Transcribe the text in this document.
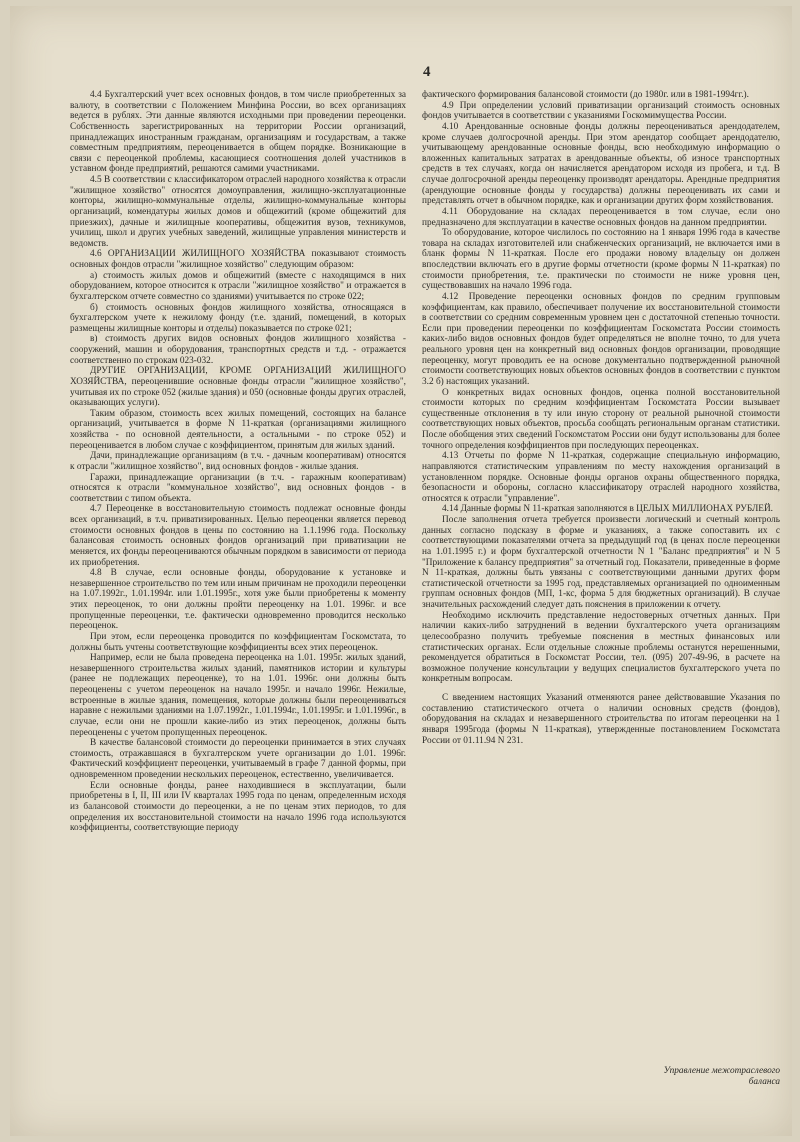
4

4.4 Бухгалтерский учет всех основных фондов, в том числе приобретенных за валюту, в соответствии с Положением Минфина России, во всех организациях ведется в рублях. Эти данные являются исходными при проведении переоценки. Собственность зарегистрированных на территории России организаций, принадлежащих иностранным гражданам, организациям и государствам, а также совместным предприятиям, переоценивается в общем порядке. Возникающие в связи с переоценкой проблемы, касающиеся соотношения долей участников в уставном фонде предприятий, решаются самими участниками.

4.5 В соответствии с классификатором отраслей народного хозяйства к отрасли "жилищное хозяйство" относятся домоуправления, жилищно-эксплуатационные конторы, жилищно-коммунальные отделы, жилищно-коммунальные конторы организаций, комендатуры жилых домов и общежитий (кроме общежитий для приезжих), дачные и жилищные кооперативы, общежития вузов, техникумов, училищ, школ и других учебных заведений, жилищные управления министерств и ведомств.

4.6 ОРГАНИЗАЦИИ ЖИЛИЩНОГО ХОЗЯЙСТВА показывают стоимость основных фондов отрасли "жилищное хозяйство" следующим образом:

а) стоимость жилых домов и общежитий (вместе с находящимся в них оборудованием, которое относится к отрасли "жилищное хозяйство" и отражается в бухгалтерском отчете совместно со зданиями) учитывается по строке 022;

б) стоимость основных фондов жилищного хозяйства, относящаяся в бухгалтерском учете к нежилому фонду (т.е. зданий, помещений, в которых размещены жилищные конторы и отделы) показывается по строке 021;

в) стоимость других видов основных фондов жилищного хозяйства - сооружений, машин и оборудования, транспортных средств и т.д. - отражается соответственно по строкам 023-032.

ДРУГИЕ ОРГАНИЗАЦИИ, КРОМЕ ОРГАНИЗАЦИЙ ЖИЛИЩНОГО ХОЗЯЙСТВА, переоценившие основные фонды отрасли "жилищное хозяйство", учитывая их по строке 052 (жилые здания) и 050 (основные фонды других отраслей, оказывающих услуги).

Таким образом, стоимость всех жилых помещений, состоящих на балансе организаций, учитывается в форме N 11-краткая (организациями жилищного хозяйства - по основной деятельности, а остальными - по строке 052) и переоценивается в любом случае с коэффициентом, принятым для жилых зданий.

Дачи, принадлежащие организациям (в т.ч. - дачным кооперативам) относятся к отрасли "жилищное хозяйство", вид основных фондов - жилые здания.

Гаражи, принадлежащие организации (в т.ч. - гаражным кооперативам) относятся к отрасли "коммунальное хозяйство", вид основных фондов - в соответствии с типом объекта.

4.7 Переоценке в восстановительную стоимость подлежат основные фонды всех организаций, в т.ч. приватизированных. Целью переоценки является перевод стоимости основных фондов в цены по состоянию на 1.1.1996 года. Поскольку балансовая стоимость основных фондов организаций при приватизации не меняется, их фонды переоцениваются обычным порядком в зависимости от периода их приобретения.

4.8 В случае, если основные фонды, оборудование к установке и незавершенное строительство по тем или иным причинам не проходили переоценки на 1.07.1992г., 1.01.1994г. или 1.01.1995г., хотя уже были приобретены к моменту этих переоценок, то они должны пройти переоценку на 1.01. 1996г. и все пропущенные переоценки, т.е. фактически одновременно проводится несколько переоценок.

При этом, если переоценка проводится по коэффициентам Госкомстата, то должны быть учтены соответствующие коэффициенты всех этих переоценок.

Например, если не была проведена переоценка на 1.01. 1995г. жилых зданий, незавершенного строительства жилых зданий, памятников истории и культуры (ранее не подлежащих переоценке), то на 1.01. 1996г. они должны быть переоценены с учетом переоценок на начало 1995г. и начало 1996г. Нежилые, встроенные в жилые здания, помещения, которые должны были переоцениваться наравне с нежилыми зданиями на 1.07.1992г., 1.01.1994г., 1.01.1995г. и 1.01.1996г., в случае, если они не прошли какие-либо из этих переоценок, должны быть переоценены с учетом пропущенных переоценок.

В качестве балансовой стоимости до переоценки принимается в этих случаях стоимость, отражавшаяся в бухгалтерском учете организации до 1.01. 1996г. Фактический коэффициент переоценки, учитываемый в графе 7 данной формы, при одновременном проведении нескольких переоценок, естественно, увеличивается.

Если основные фонды, ранее находившиеся в эксплуатации, были приобретены в I, II, III или IV кварталах 1995 года по ценам, определенным исходя из балансовой стоимости до переоценки, а не по ценам этих периодов, то для определения их восстановительной стоимости на начало 1996 года используются коэффициенты, соответствующие периоду

фактического формирования балансовой стоимости (до 1980г. или в 1981-1994гг.).

4.9 При определении условий приватизации организаций стоимость основных фондов учитывается в соответствии с указаниями Госкомимущества России.

4.10 Арендованные основные фонды должны переоцениваться арендодателем, кроме случаев долгосрочной аренды. При этом арендатор сообщает арендодателю, учитывающему арендованные основные фонды, всю необходимую информацию о вложенных капитальных затратах в арендованные объекты, об износе транспортных средств в тех случаях, когда он начисляется арендатором исходя из пробега, и т.д. В случае долгосрочной аренды переоценку производят арендаторы. Арендные предприятия (арендующие основные фонды у государства) должны переоценивать их сами и представлять отчет в обычном порядке, как и организации других форм хозяйствования.

4.11 Оборудование на складах переоценивается в том случае, если оно предназначено для эксплуатации в качестве основных фондов на данном предприятии.

То оборудование, которое числилось по состоянию на 1 января 1996 года в качестве товара на складах изготовителей или снабженческих организаций, не включается ими в бланк формы N 11-краткая. После его продажи новому владельцу он должен впоследствии включать его в другие формы отчетности (кроме формы N 11-краткая) по стоимости приобретения, т.е. практически по стоимости не ниже уровня цен, существовавших на начало 1996 года.

4.12 Проведение переоценки основных фондов по средним групповым коэффициентам, как правило, обеспечивает получение их восстановительной стоимости в соответствии со средним современным уровнем цен с достаточной степенью точности. Если при проведении переоценки по коэффициентам Госкомстата России стоимость каких-либо видов основных фондов будет определяться не вполне точно, то для учета реального уровня цен на конкретный вид основных фондов организации, проводящие переоценку, могут проводить ее на основе документально подтвержденной рыночной стоимости соответствующих новых объектов основных фондов в соответствии с пунктом 3.2 б) настоящих указаний.

О конкретных видах основных фондов, оценка полной восстановительной стоимости которых по средним коэффициентам Госкомстата России вызывает существенные отклонения в ту или иную сторону от реальной рыночной стоимости соответствующих новых объектов, просьба сообщать региональным органам статистики. После обобщения этих сведений Госкомстатом России они будут использованы для более точного определения коэффициентов при последующих переоценках.

4.13 Отчеты по форме N 11-краткая, содержащие специальную информацию, направляются статистическим управлениям по месту нахождения организаций в установленном порядке. Основные фонды органов охраны общественного порядка, безопасности и обороны, согласно классификатору отраслей народного хозяйства, относятся к отрасли "управление".

4.14 Данные формы N 11-краткая заполняются в ЦЕЛЫХ МИЛЛИОНАХ РУБЛЕЙ.

После заполнения отчета требуется произвести логический и счетный контроль данных согласно подсказу в форме и указаниях, а также сопоставить их с соответствующими показателями отчета за предыдущий год (в ценах после переоценки на 1.01.1995 г.) и форм бухгалтерской отчетности N 1 "Баланс предприятия" и N 5 "Приложение к балансу предприятия" за отчетный год. Показатели, приведенные в форме N 11-краткая, должны быть увязаны с соответствующими данными других форм статистической отчетности за 1995 год, представляемых организацией по одноименным группам основных фондов (МП, 1-кс, форма 5 для бюджетных организаций). В случае значительных расхождений следует дать пояснения в приложении к отчету.

Необходимо исключить представление недостоверных отчетных данных. При наличии каких-либо затруднений в ведении бухгалтерского учета организациям целесообразно получить требуемые пояснения в местных финансовых или статистических органах. Если отдельные сложные проблемы останутся нерешенными, рекомендуется обратиться в Госкомстат России, тел. (095) 207-49-96, в расчете на возможное получение консультации у ведущих специалистов бухгалтерского учета по конкретным вопросам.

С введением настоящих Указаний отменяются ранее действовавшие Указания по составлению статистического отчета о наличии основных средств (фондов), оборудования на складах и незавершенного строительства по итогам переоценки на 1 января 1995года (формы N 11-краткая), утвержденные постановлением Госкомстата России от 01.11.94 N 231.

Управление межотраслевого
баланса
